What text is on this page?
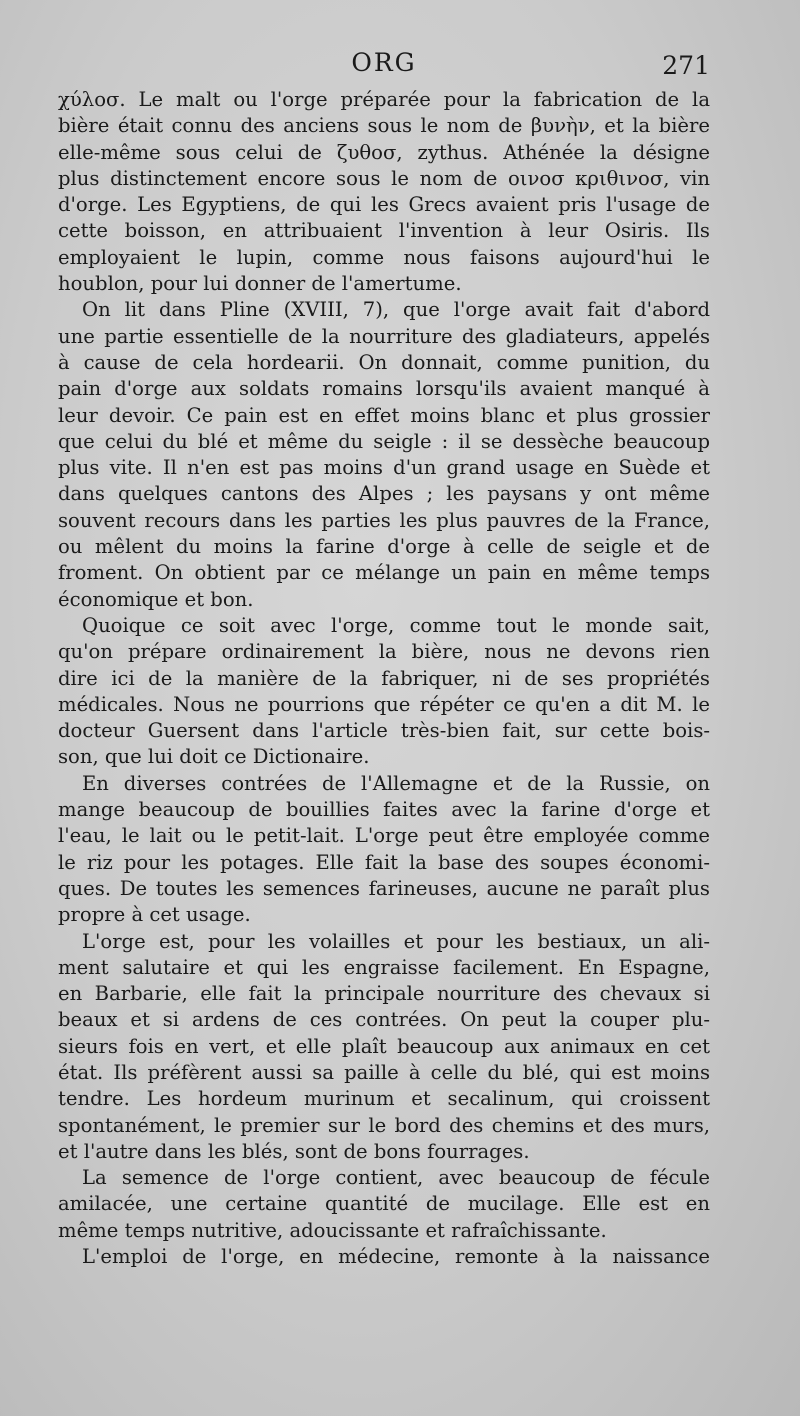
ORG	271
χύλοσ. Le malt ou l'orge préparée pour la fabrication de la
bière était connu des anciens sous le nom de βυνὴν, et la bière
elle-même sous celui de ζυθοσ, zythus. Athénée la désigne
plus distinctement encore sous le nom de οινοσ κριθινοσ, vin
d'orge. Les Egyptiens, de qui les Grecs avaient pris l'usage de
cette boisson, en attribuaient l'invention à leur Osiris. Ils
employaient le lupin, comme nous faisons aujourd'hui le
houblon, pour lui donner de l'amertume.
On lit dans Pline (XVIII, 7), que l'orge avait fait d'abord
une partie essentielle de la nourriture des gladiateurs, appelés
à cause de cela hordearii. On donnait, comme punition, du
pain d'orge aux soldats romains lorsqu'ils avaient manqué à
leur devoir. Ce pain est en effet moins blanc et plus grossier
que celui du blé et même du seigle : il se dessèche beaucoup
plus vite. Il n'en est pas moins d'un grand usage en Suède et
dans quelques cantons des Alpes ; les paysans y ont même
souvent recours dans les parties les plus pauvres de la France,
ou mêlent du moins la farine d'orge à celle de seigle et de
froment. On obtient par ce mélange un pain en même temps
économique et bon.
Quoique ce soit avec l'orge, comme tout le monde sait,
qu'on prépare ordinairement la bière, nous ne devons rien
dire ici de la manière de la fabriquer, ni de ses propriétés
médicales. Nous ne pourrions que répéter ce qu'en a dit M. le
docteur Guersent dans l'article très-bien fait, sur cette bois-
son, que lui doit ce Dictionaire.
En diverses contrées de l'Allemagne et de la Russie, on
mange beaucoup de bouillies faites avec la farine d'orge et
l'eau, le lait ou le petit-lait. L'orge peut être employée comme
le riz pour les potages. Elle fait la base des soupes économi-
ques. De toutes les semences farineuses, aucune ne paraît plus
propre à cet usage.
L'orge est, pour les volailles et pour les bestiaux, un ali-
ment salutaire et qui les engraisse facilement. En Espagne,
en Barbarie, elle fait la principale nourriture des chevaux si
beaux et si ardens de ces contrées. On peut la couper plu-
sieurs fois en vert, et elle plaît beaucoup aux animaux en cet
état. Ils préfèrent aussi sa paille à celle du blé, qui est moins
tendre. Les hordeum murinum et secalinum, qui croissent
spontanément, le premier sur le bord des chemins et des murs,
et l'autre dans les blés, sont de bons fourrages.
La semence de l'orge contient, avec beaucoup de fécule
amilacée, une certaine quantité de mucilage. Elle est en
même temps nutritive, adoucissante et rafraîchissante.
L'emploi de l'orge, en médecine, remonte à la naissance
